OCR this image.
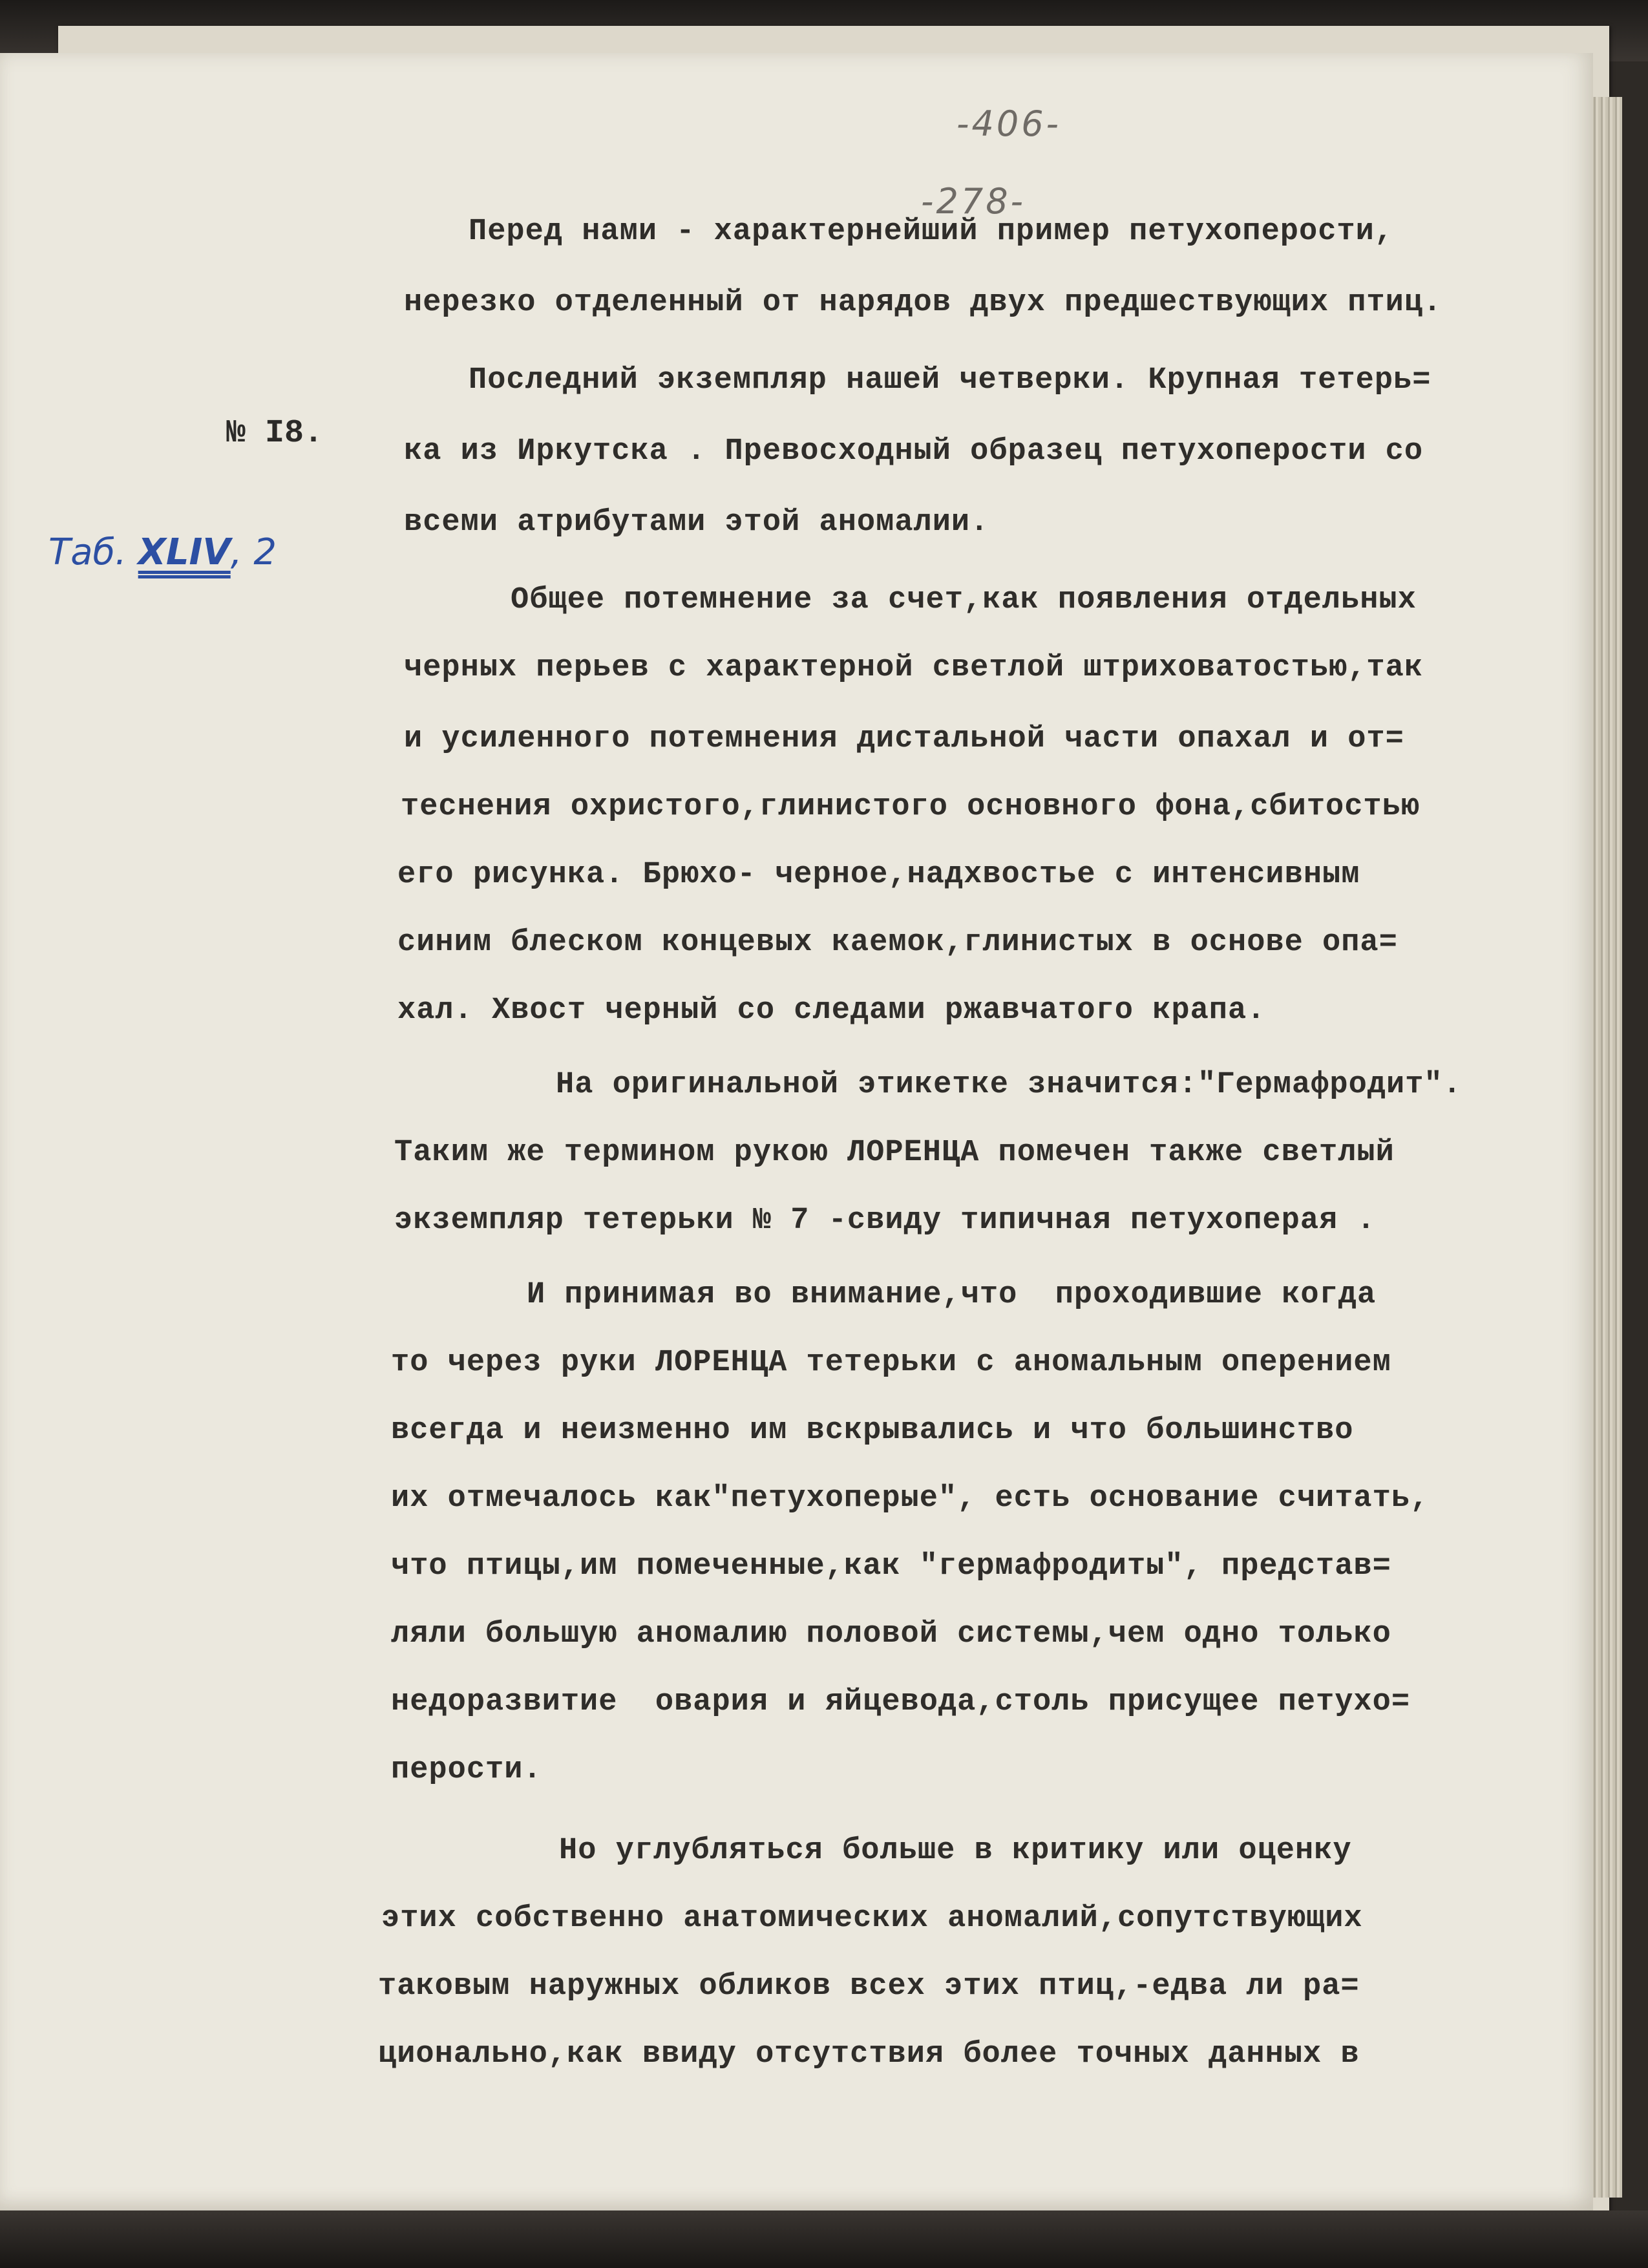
-406-
-278-
№ I8.
Таб. XLIV, 2
Перед нами - характернейший пример петухоперости,
нерезко отделенный от нарядов двух предшествующих птиц.
Последний экземпляр нашей четверки. Крупная тетерь=
ка из Иркутска . Превосходный образец петухоперости со
всеми атрибутами этой аномалии.
Общее потемнение за счет,как появления отдельных
черных перьев с характерной светлой штриховатостью,так
и усиленного потемнения дистальной части опахал и от=
теснения охристого,глинистого основного фона,сбитостью
его рисунка. Брюхо- черное,надхвостье с интенсивным
синим блеском концевых каемок,глинистых в основе опа=
хал. Хвост черный со следами ржавчатого крапа.
На оригинальной этикетке значится:"Гермафродит".
Таким же терминoм рукою ЛОРЕНЦА помечен также светлый
экземпляр тетерьки № 7 -свиду типичная петухоперая .
И принимая во внимание,что  проходившие когда
то через руки ЛОРЕНЦА тетерьки с аномальным оперением
всегда и неизменно им вскрывались и что большинство
их отмечалось как"петухоперые", есть основание считать,
что птицы,им помеченные,как "гермафродиты", представ=
ляли большую аномалию половой системы,чем одно только
недоразвитие  овария и яйцевода,столь присущее петухо=
перости.
Но углубляться больше в критику или оценку
этих собственно анатомических аномалий,сопутствующих
таковым наружных обликов всех этих птиц,-едва ли ра=
ционально,как ввиду отсутствия более точных данных в
